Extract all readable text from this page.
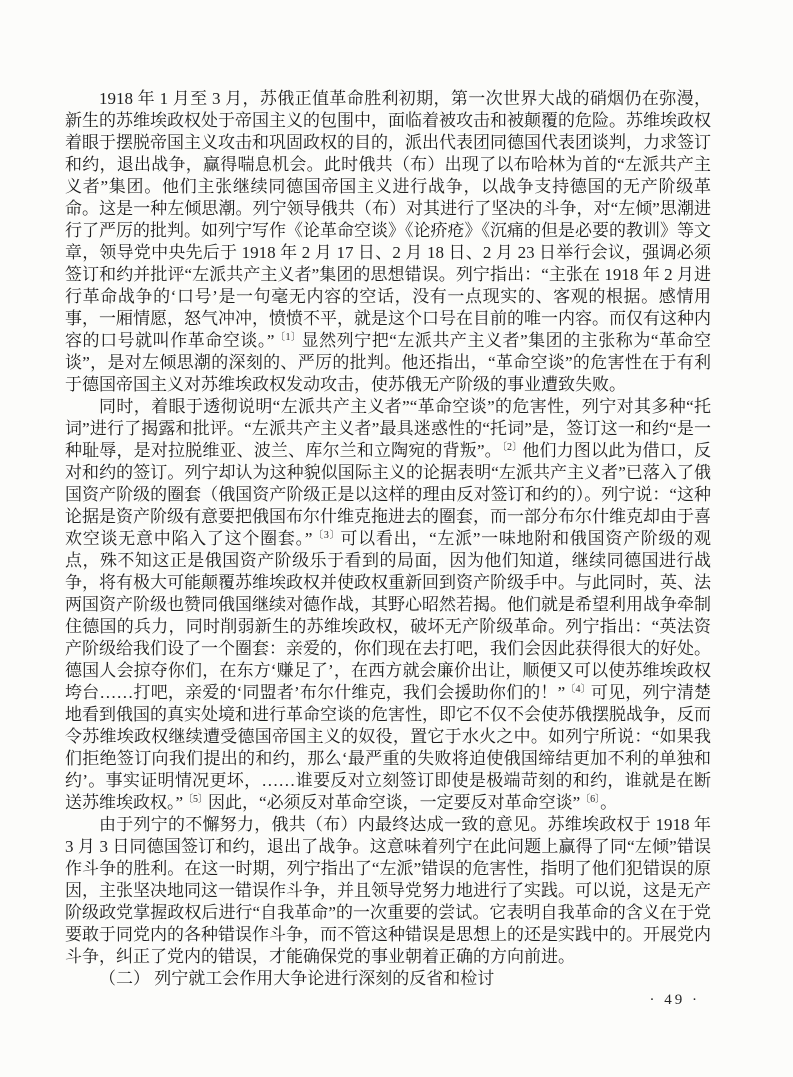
1918 年 1 月至 3 月，苏俄正值革命胜利初期，第一次世界大战的硝烟仍在弥漫，新生的苏维埃政权处于帝国主义的包围中，面临着被攻击和被颠覆的危险。苏维埃政权着眼于摆脱帝国主义攻击和巩固政权的目的，派出代表团同德国代表团谈判，力求签订和约，退出战争，赢得喘息机会。此时俄共（布）出现了以布哈林为首的“左派共产主义者”集团。他们主张继续同德国帝国主义进行战争，以战争支持德国的无产阶级革命。这是一种左倾思潮。列宁领导俄共（布）对其进行了坚决的斗争，对“左倾”思潮进行了严厉的批判。如列宁写作《论革命空谈》《论疥疮》《沉痛的但是必要的教训》等文章，领导党中央先后于 1918 年 2 月 17 日、2 月 18 日、2 月 23 日举行会议，强调必须签订和约并批评“左派共产主义者”集团的思想错误。列宁指出：“主张在 1918 年 2 月进行革命战争的‘口号’是一句毫无内容的空话，没有一点现实的、客观的根据。感情用事，一厢情愿，怒气冲冲，愤愤不平，就是这个口号在目前的唯一内容。而仅有这种内容的口号就叫作革命空谈。”$^{〔1〕}$显然列宁把“左派共产主义者”集团的主张称为“革命空谈”，是对左倾思潮的深刻的、严厉的批判。他还指出，“革命空谈”的危害性在于有利于德国帝国主义对苏维埃政权发动攻击，使苏俄无产阶级的事业遭致失败。

同时，着眼于透彻说明“左派共产主义者”“革命空谈”的危害性，列宁对其多种“托词”进行了揭露和批评。“左派共产主义者”最具迷惑性的“托词”是，签订这一和约“是一种耻辱，是对拉脱维亚、波兰、库尔兰和立陶宛的背叛”。$^{〔2〕}$他们力图以此为借口，反对和约的签订。列宁却认为这种貌似国际主义的论据表明“左派共产主义者”已落入了俄国资产阶级的圈套（俄国资产阶级正是以这样的理由反对签订和约的）。列宁说：“这种论据是资产阶级有意要把俄国布尔什维克拖进去的圈套，而一部分布尔什维克却由于喜欢空谈无意中陷入了这个圈套。”$^{〔3〕}$可以看出，“左派”一味地附和俄国资产阶级的观点，殊不知这正是俄国资产阶级乐于看到的局面，因为他们知道，继续同德国进行战争，将有极大可能颠覆苏维埃政权并使政权重新回到资产阶级手中。与此同时，英、法两国资产阶级也赞同俄国继续对德作战，其野心昭然若揭。他们就是希望利用战争牵制住德国的兵力，同时削弱新生的苏维埃政权，破坏无产阶级革命。列宁指出：“英法资产阶级给我们设了一个圈套：亲爱的，你们现在去打吧，我们会因此获得很大的好处。德国人会掠夺你们，在东方‘赚足了’，在西方就会廉价出让，顺便又可以使苏维埃政权垮台……打吧，亲爱的‘同盟者’布尔什维克，我们会援助你们的！”$^{〔4〕}$可见，列宁清楚地看到俄国的真实处境和进行革命空谈的危害性，即它不仅不会使苏俄摆脱战争，反而令苏维埃政权继续遭受德国帝国主义的奴役，置它于水火之中。如列宁所说：“如果我们拒绝签订向我们提出的和约，那么‘最严重的失败将迫使俄国缔结更加不利的单独和约’。事实证明情况更坏，……谁要反对立刻签订即使是极端苛刻的和约，谁就是在断送苏维埃政权。”$^{〔5〕}$因此，“必须反对革命空谈，一定要反对革命空谈”$^{〔6〕}$。

由于列宁的不懈努力，俄共（布）内最终达成一致的意见。苏维埃政权于 1918 年 3 月 3 日同德国签订和约，退出了战争。这意味着列宁在此问题上赢得了同“左倾”错误作斗争的胜利。在这一时期，列宁指出了“左派”错误的危害性，指明了他们犯错误的原因，主张坚决地同这一错误作斗争，并且领导党努力地进行了实践。可以说，这是无产阶级政党掌握政权后进行“自我革命”的一次重要的尝试。它表明自我革命的含义在于党要敢于同党内的各种错误作斗争，而不管这种错误是思想上的还是实践中的。开展党内斗争，纠正了党内的错误，才能确保党的事业朝着正确的方向前进。

（二） 列宁就工会作用大争论进行深刻的反省和检讨

· 49 ·
